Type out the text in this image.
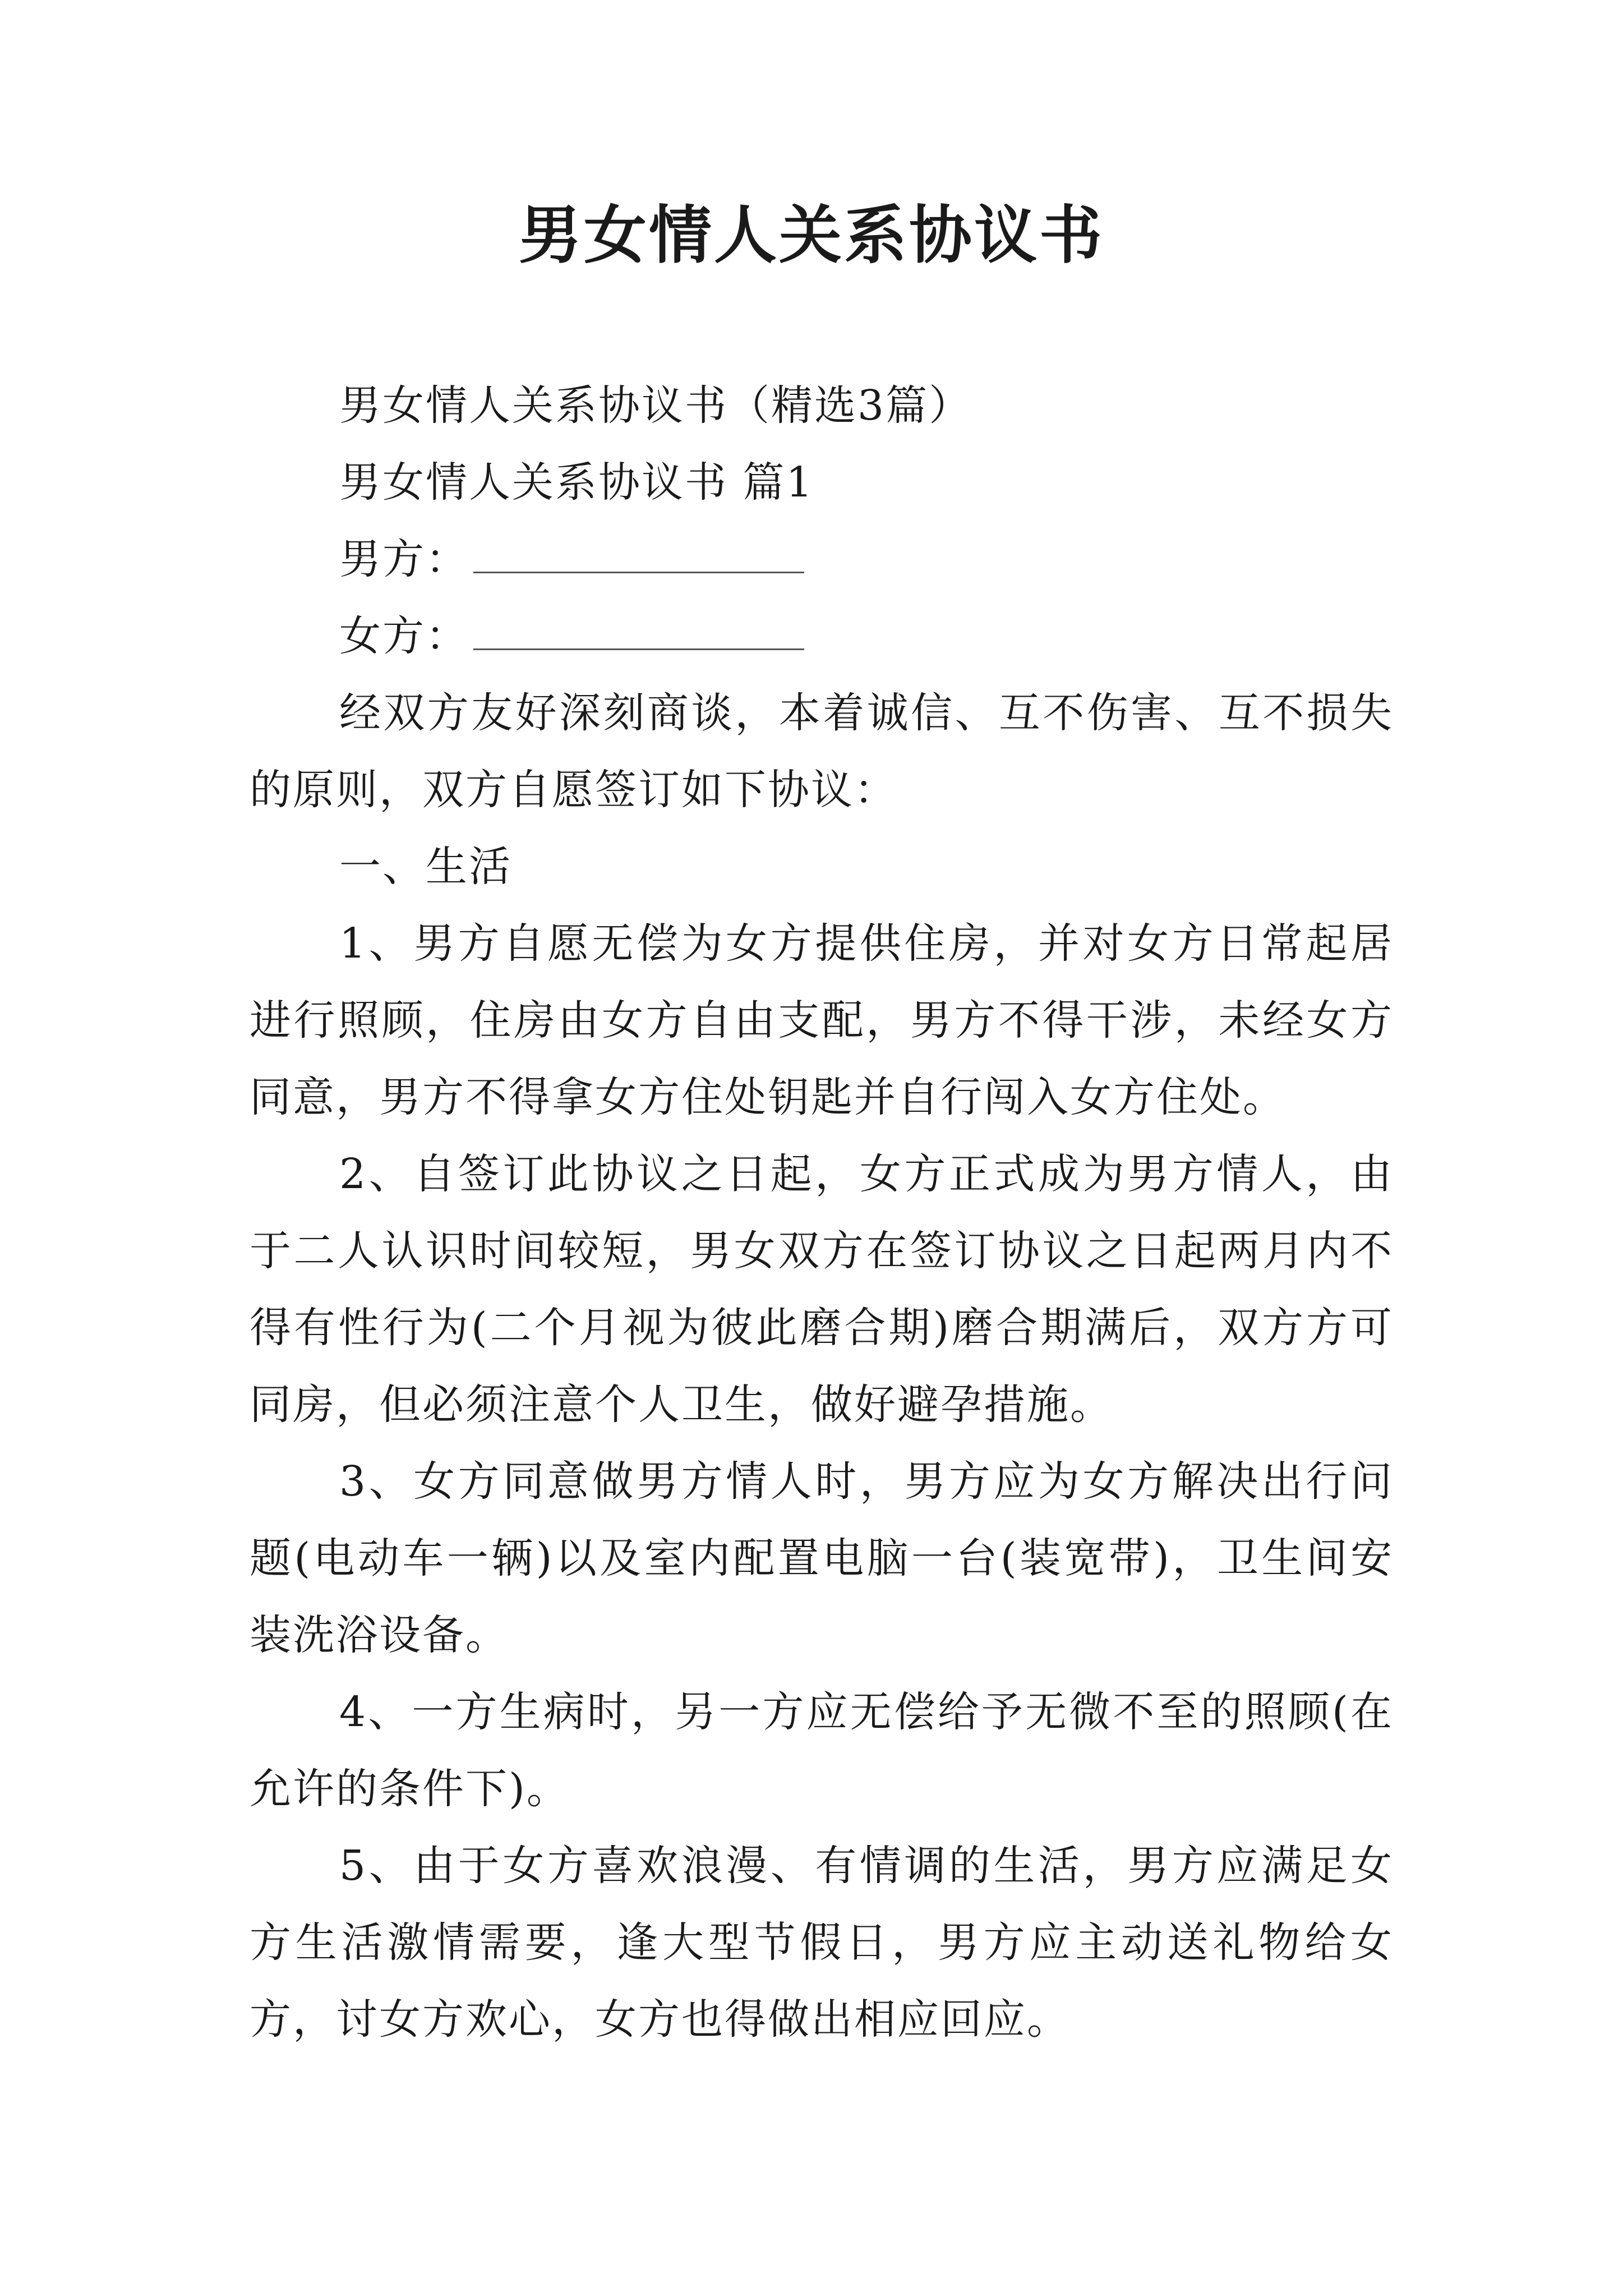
男女情人关系协议书

男女情人关系协议书（精选3篇）

男女情人关系协议书 篇1

男方：

女方：

经双方友好深刻商谈，本着诚信、互不伤害、互不损失的原则，双方自愿签订如下协议：

一、生活

1、男方自愿无偿为女方提供住房，并对女方日常起居进行照顾，住房由女方自由支配，男方不得干涉，未经女方同意，男方不得拿女方住处钥匙并自行闯入女方住处。

2、自签订此协议之日起，女方正式成为男方情人，由于二人认识时间较短，男女双方在签订协议之日起两月内不得有性行为(二个月视为彼此磨合期)磨合期满后，双方方可同房，但必须注意个人卫生，做好避孕措施。

3、女方同意做男方情人时，男方应为女方解决出行问题(电动车一辆)以及室内配置电脑一台(装宽带)，卫生间安装洗浴设备。

4、一方生病时，另一方应无偿给予无微不至的照顾(在允许的条件下)。

5、由于女方喜欢浪漫、有情调的生活，男方应满足女方生活激情需要，逢大型节假日，男方应主动送礼物给女方，讨女方欢心，女方也得做出相应回应。
